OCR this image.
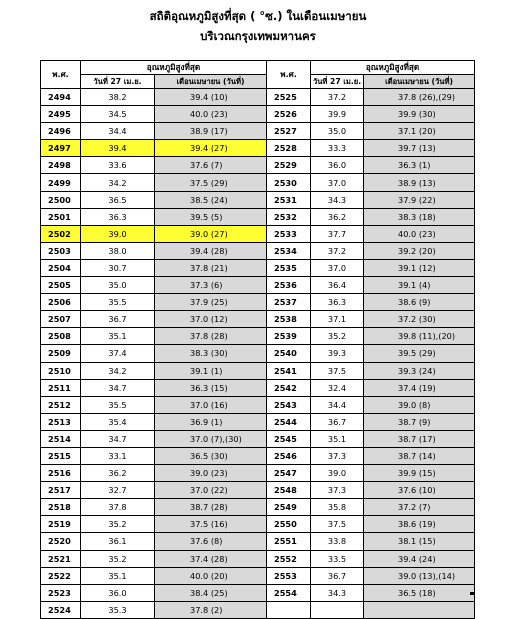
สถิติอุณหภูมิสูงที่สุด ( °ซ.) ในเดือนเมษายน
บริเวณกรุงเทพมหานคร
พ.ศ.	อุณหภูมิสูงที่สุด		พ.ศ.	อุณหภูมิสูงที่สุด	
	วันที่ 27 เม.ย.	เดือนเมษายน (วันที่)		วันที่ 27 เม.ย.	เดือนเมษายน (วันที่)
2494	38.2	39.4 (10)	2525	37.2	37.8 (26),(29)
2495	34.5	40.0 (23)	2526	39.9	39.9 (30)
2496	34.4	38.9 (17)	2527	35.0	37.1 (20)
2497	39.4	39.4 (27)	2528	33.3	39.7 (13)
2498	33.6	37.6 (7)	2529	36.0	36.3 (1)
2499	34.2	37.5 (29)	2530	37.0	38.9 (13)
2500	36.5	38.5 (24)	2531	34.3	37.9 (22)
2501	36.3	39.5 (5)	2532	36.2	38.3 (18)
2502	39.0	39.0 (27)	2533	37.7	40.0 (23)
2503	38.0	39.4 (28)	2534	37.2	39.2 (20)
2504	30.7	37.8 (21)	2535	37.0	39.1 (12)
2505	35.0	37.3 (6)	2536	36.4	39.1 (4)
2506	35.5	37.9 (25)	2537	36.3	38.6 (9)
2507	36.7	37.0 (12)	2538	37.1	37.2 (30)
2508	35.1	37.8 (28)	2539	35.2	39.8 (11),(20)
2509	37.4	38.3 (30)	2540	39.3	39.5 (29)
2510	34.2	39.1 (1)	2541	37.5	39.3 (24)
2511	34.7	36.3 (15)	2542	32.4	37.4 (19)
2512	35.5	37.0 (16)	2543	34.4	39.0 (8)
2513	35.4	36.9 (1)	2544	36.7	38.7 (9)
2514	34.7	37.0 (7),(30)	2545	35.1	38.7 (17)
2515	33.1	36.5 (30)	2546	37.3	38.7 (14)
2516	36.2	39.0 (23)	2547	39.0	39.9 (15)
2517	32.7	37.0 (22)	2548	37.3	37.6 (10)
2518	37.8	38.7 (28)	2549	35.8	37.2 (7)
2519	35.2	37.5 (16)	2550	37.5	38.6 (19)
2520	36.1	37.6 (8)	2551	33.8	38.1 (15)
2521	35.2	37.4 (28)	2552	33.5	39.4 (24)
2522	35.1	40.0 (20)	2553	36.7	39.0 (13),(14)
2523	36.0	38.4 (25)	2554	34.3	36.5 (18)
2524	35.3	37.8 (2)			
